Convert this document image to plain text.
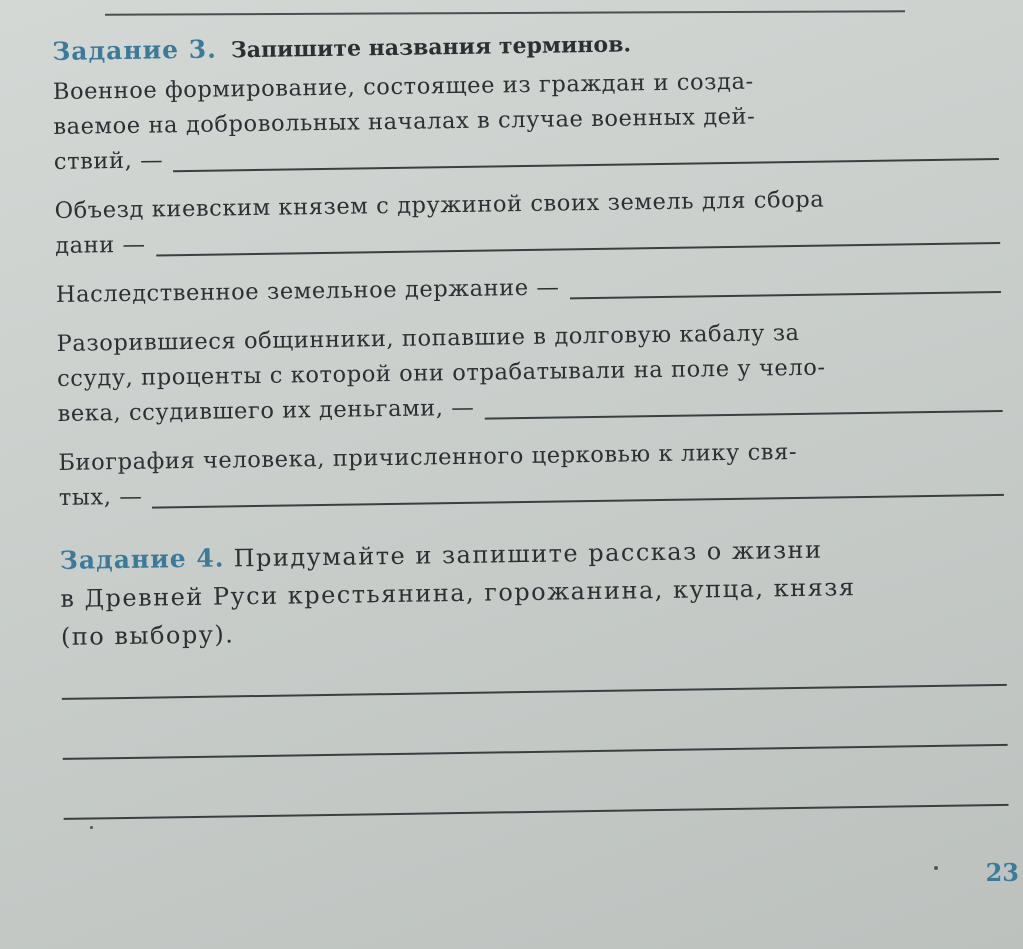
Задание 3. Запишите названия терминов.
Военное формирование, состоящее из граждан и созда-
ваемое на добровольных началах в случае военных дей-
ствий, —
Объезд киевским князем с дружиной своих земель для сбора
дани —
Наследственное земельное держание —
Разорившиеся общинники, попавшие в долговую кабалу за
ссуду, проценты с которой они отрабатывали на поле у чело-
века, ссудившего их деньгами, —
Биография человека, причисленного церковью к лику свя-
тых, —
Задание 4. Придумайте и запишите рассказ о жизни
в Древней Руси крестьянина, горожанина, купца, князя
(по выбору).
23
